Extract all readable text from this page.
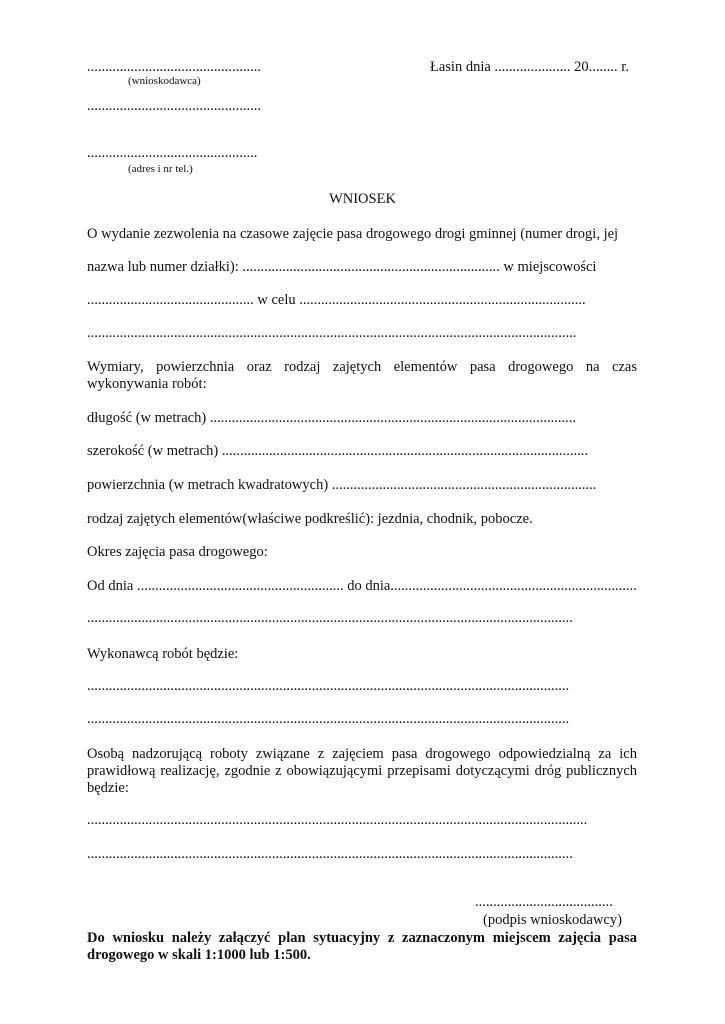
................................................
(wnioskodawca)
Łasin dnia ..................... 20........ r.
................................................
...............................................
(adres i nr tel.)
WNIOSEK
O wydanie zezwolenia na czasowe zajęcie pasa drogowego drogi gminnej (numer drogi, jej
nazwa lub numer działki): ....................................................................... w miejscowości
.............................................. w celu ...............................................................................
.......................................................................................................................................
Wymiary, powierzchnia oraz rodzaj zajętych elementów pasa drogowego na czas
wykonywania robót:
długość (w metrach) .....................................................................................................
szerokość (w metrach) .....................................................................................................
powierzchnia (w metrach kwadratowych) .........................................................................
rodzaj zajętych elementów(właściwe podkreślić): jezdnia, chodnik, pobocze.
Okres zajęcia pasa drogowego:
Od dnia ......................................................... do dnia....................................................................
......................................................................................................................................
Wykonawcą robót będzie:
.....................................................................................................................................
.....................................................................................................................................
Osobą nadzorującą roboty związane z zajęciem pasa drogowego odpowiedzialną za ich
prawidłową realizację, zgodnie z obowiązującymi przepisami dotyczącymi dróg publicznych
będzie:
..........................................................................................................................................
......................................................................................................................................
......................................
(podpis wnioskodawcy)
Do wniosku należy załączyć plan sytuacyjny z zaznaczonym miejscem zajęcia pasa
drogowego w skali 1:1000 lub 1:500.
